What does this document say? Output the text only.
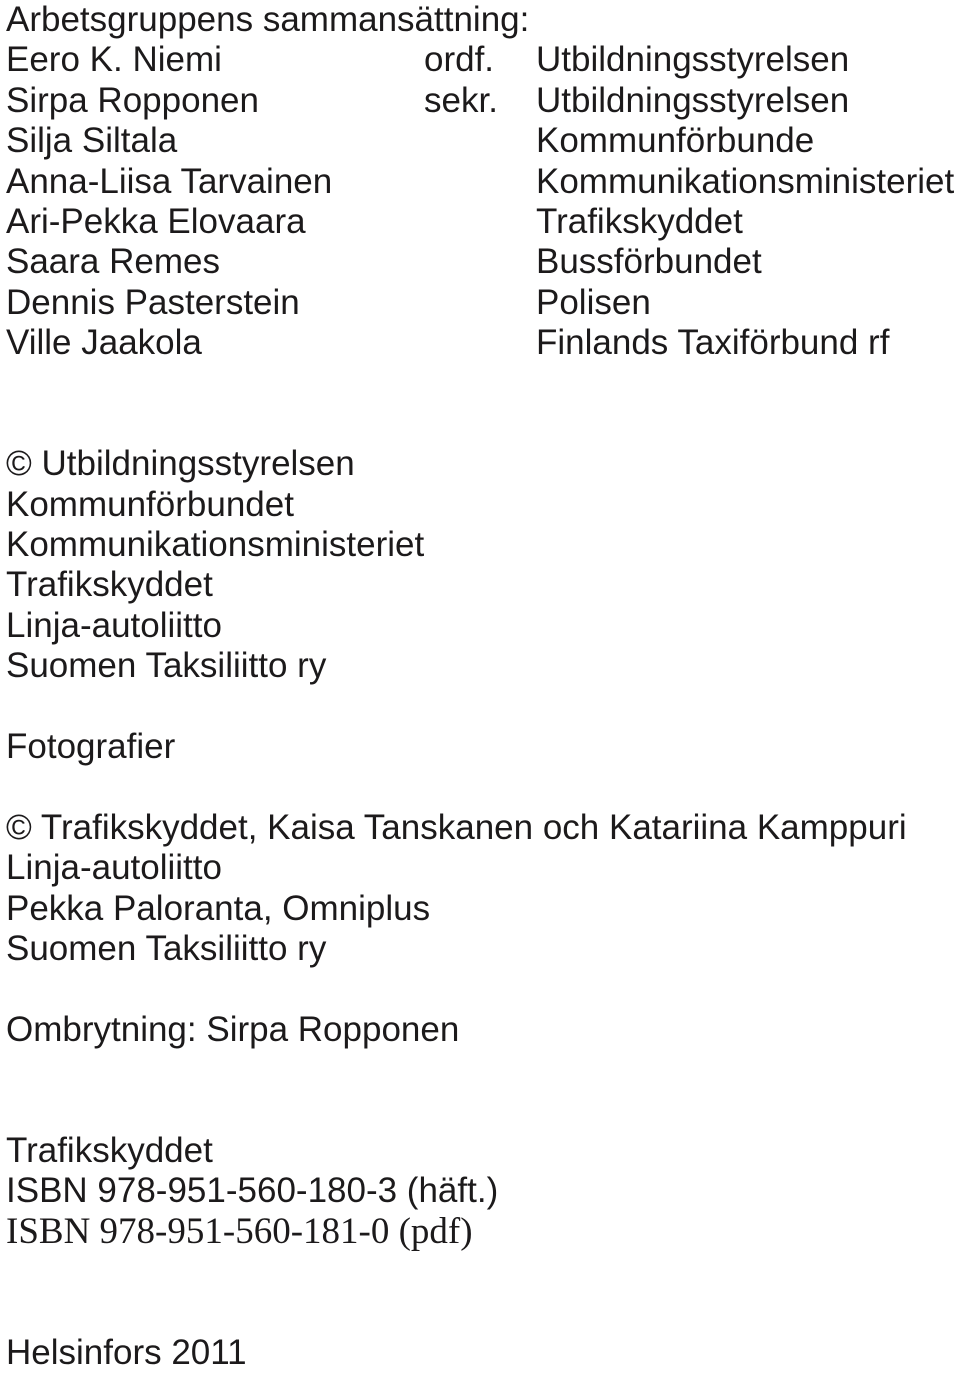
Arbetsgruppens sammansättning:
Eero K. Niemi	ordf. Utbildningsstyrelsen
Sirpa Ropponen	sekr. Utbildningsstyrelsen
Silja Siltala	Kommunförbunde
Anna-Liisa Tarvainen	Kommunikationsministeriet
Ari-Pekka Elovaara	Trafikskyddet
Saara Remes	Bussförbundet
Dennis Pasterstein	Polisen
Ville Jaakola	Finlands Taxiförbund rf
© Utbildningsstyrelsen
Kommunförbundet
Kommunikationsministeriet
Trafikskyddet
Linja-autoliitto
Suomen Taksiliitto ry
Fotografier
© Trafikskyddet, Kaisa Tanskanen och Katariina Kamppuri
Linja-autoliitto
Pekka Paloranta, Omniplus
Suomen Taksiliitto ry
Ombrytning: Sirpa Ropponen
Trafikskyddet
ISBN 978-951-560-180-3 (häft.)
ISBN 978-951-560-181-0 (pdf)
Helsinfors 2011
